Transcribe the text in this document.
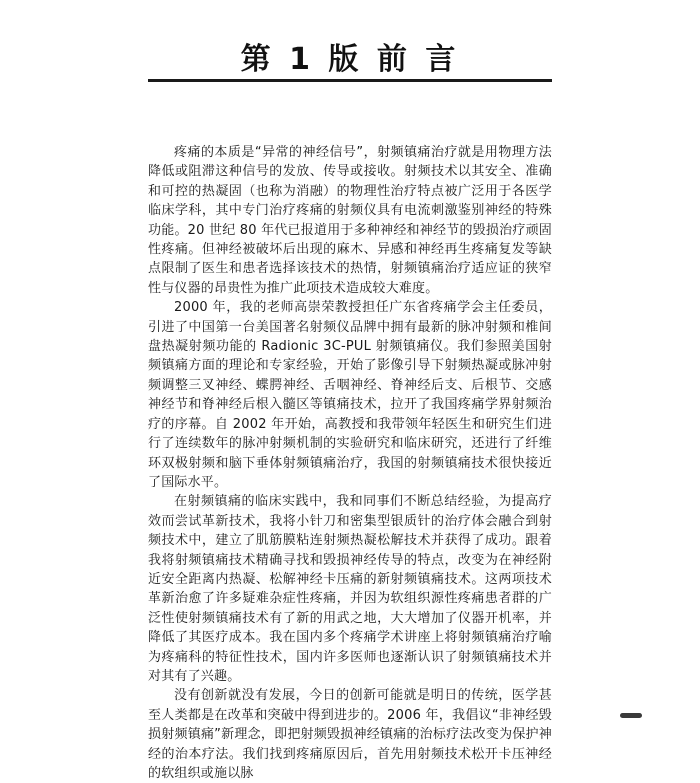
第 1 版 前 言

疼痛的本质是“异常的神经信号”，射频镇痛治疗就是用物理方法降低或阻滞这种信号的发放、传导或接收。射频技术以其安全、准确和可控的热凝固（也称为消融）的物理性治疗特点被广泛用于各医学临床学科，其中专门治疗疼痛的射频仪具有电流刺激鉴别神经的特殊功能。20 世纪 80 年代已报道用于多种神经和神经节的毁损治疗顽固性疼痛。但神经被破坏后出现的麻木、异感和神经再生疼痛复发等缺点限制了医生和患者选择该技术的热情，射频镇痛治疗适应证的狭窄性与仪器的昂贵性为推广此项技术造成较大难度。

2000 年，我的老师高崇荣教授担任广东省疼痛学会主任委员，引进了中国第一台美国著名射频仪品牌中拥有最新的脉冲射频和椎间盘热凝射频功能的 Radionic 3C-PUL 射频镇痛仪。我们参照美国射频镇痛方面的理论和专家经验，开始了影像引导下射频热凝或脉冲射频调整三叉神经、蝶腭神经、舌咽神经、脊神经后支、后根节、交感神经节和脊神经后根入髓区等镇痛技术，拉开了我国疼痛学界射频治疗的序幕。自 2002 年开始，高教授和我带领年轻医生和研究生们进行了连续数年的脉冲射频机制的实验研究和临床研究，还进行了纤维环双极射频和脑下垂体射频镇痛治疗，我国的射频镇痛技术很快接近了国际水平。

在射频镇痛的临床实践中，我和同事们不断总结经验，为提高疗效而尝试革新技术，我将小针刀和密集型银质针的治疗体会融合到射频技术中，建立了肌筋膜粘连射频热凝松解技术并获得了成功。跟着我将射频镇痛技术精确寻找和毁损神经传导的特点，改变为在神经附近安全距离内热凝、松解神经卡压痛的新射频镇痛技术。这两项技术革新治愈了许多疑难杂症性疼痛，并因为软组织源性疼痛患者群的广泛性使射频镇痛技术有了新的用武之地，大大增加了仪器开机率，并降低了其医疗成本。我在国内多个疼痛学术讲座上将射频镇痛治疗喻为疼痛科的特征性技术，国内许多医师也逐渐认识了射频镇痛技术并对其有了兴趣。

没有创新就没有发展，今日的创新可能就是明日的传统，医学甚至人类都是在改革和突破中得到进步的。2006 年，我倡议“非神经毁损射频镇痛”新理念，即把射频毁损神经镇痛的治标疗法改变为保护神经的治本疗法。我们找到疼痛原因后，首先用射频技术松开卡压神经的软组织或施以脉
